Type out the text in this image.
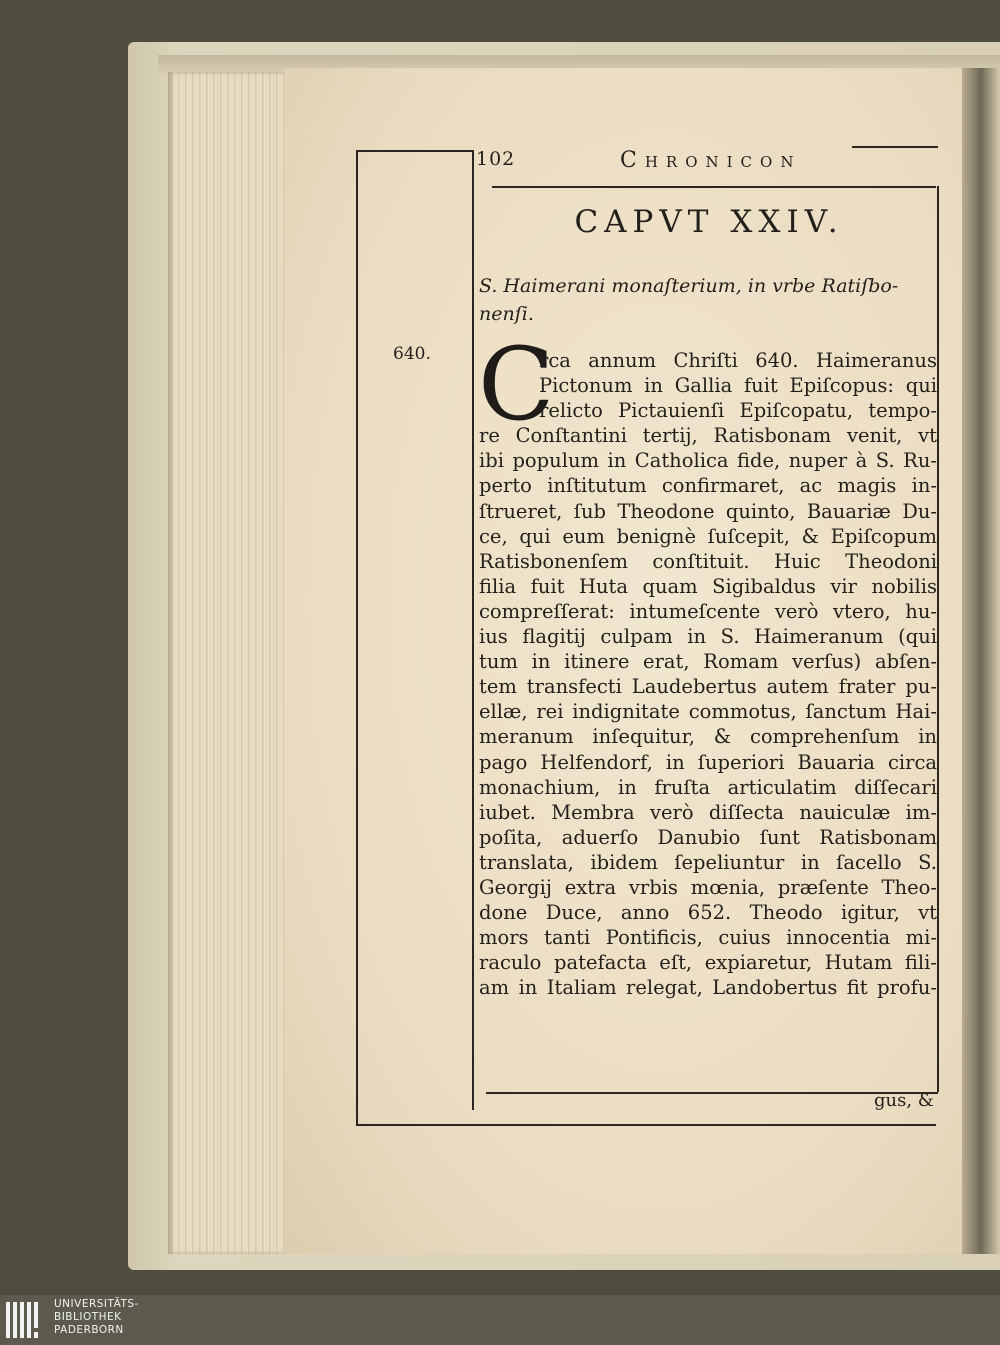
102	Chronicon
CAPVT XXIV.
S. Haimerani monaſterium, in vrbe Ratiſbo-
nenſi.
640. C
rca annum Chriſti 640. Haimeranus
Pictonum in Gallia fuit Epiſcopus: qui
relicto Pictauienſi Epiſcopatu, tempo-
re Conſtantini tertij, Ratisbonam venit, vt
ibi populum in Catholica fide, nuper à S. Ru-
perto inſtitutum confirmaret, ac magis in-
ſtrueret, ſub Theodone quinto, Bauariæ Du-
ce, qui eum benignè ſuſcepit, & Epiſcopum
Ratisbonenſem conſtituit. Huic Theodoni
filia fuit Huta quam Sigibaldus vir nobilis
compreſſerat: intumeſcente verò vtero, hu-
ius flagitij culpam in S. Haimeranum (qui
tum in itinere erat, Romam verſus) abſen-
tem transfecti Laudebertus autem frater pu-
ellæ, rei indignitate commotus, ſanctum Hai-
meranum inſequitur, & comprehenſum in
pago Helfendorf, in ſuperiori Bauaria circa
monachium, in fruſta articulatim diſſecari
iubet. Membra verò diſſecta nauiculæ im-
poſita, aduerſo Danubio ſunt Ratisbonam
translata, ibidem ſepeliuntur in ſacello S.
Georgij extra vrbis mœnia, præſente Theo-
done Duce, anno 652. Theodo igitur, vt
mors tanti Pontificis, cuius innocentia mi-
raculo patefacta eſt, expiaretur, Hutam fili-
am in Italiam relegat, Landobertus fit profu-
gus, &
UNIVERSITÄTS-
BIBLIOTHEK
PADERBORN
